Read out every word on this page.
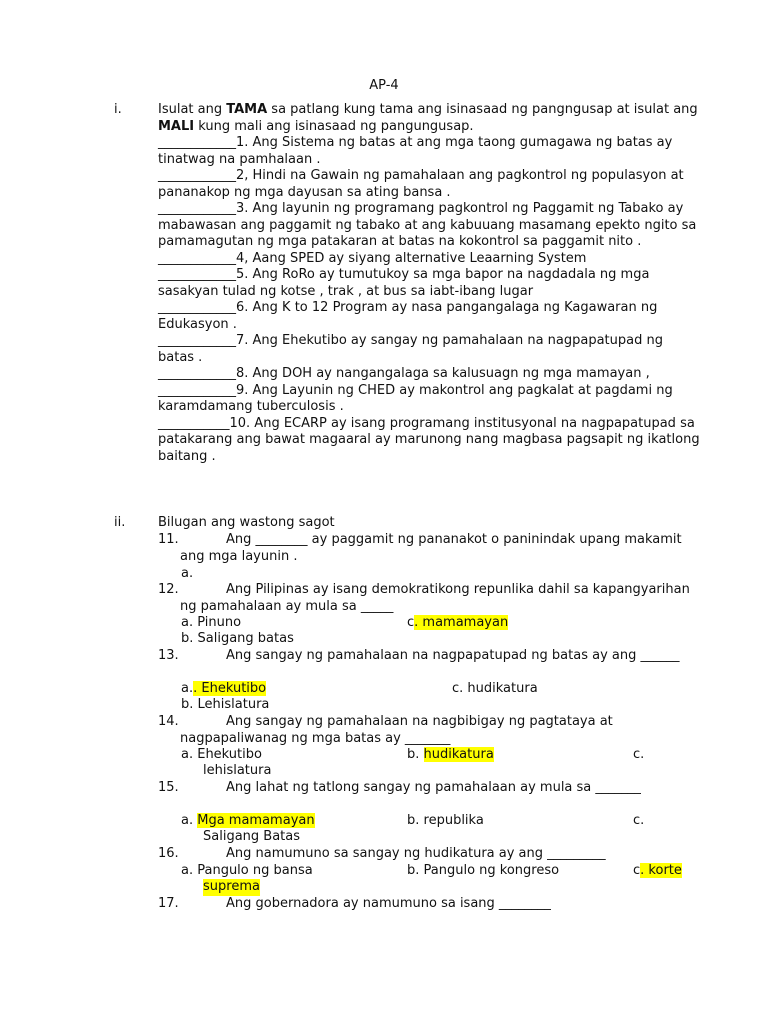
AP-4
i.	Isulat ang TAMA sa patlang kung tama ang isinasaad ng pangngusap at isulat ang MALI kung mali ang isinasaad ng pangungusap.

____________1. Ang Sistema ng batas at ang mga taong gumagawa ng batas ay tinatwag na pamhalaan .

____________2, Hindi na Gawain ng pamahalaan ang pagkontrol ng populasyon at pananakop ng mga dayusan sa ating bansa .

____________3. Ang layunin ng programang pagkontrol ng Paggamit ng Tabako ay mabawasan ang paggamit ng tabako at ang kabuuang masamang epekto ngito sa pamamagutan ng mga patakaran at batas na kokontrol sa paggamit nito .

____________4, Aang SPED ay siyang alternative Leaarning System

____________5. Ang RoRo ay tumutukoy sa mga bapor na nagdadala ng mga sasakyan tulad ng kotse , trak , at bus sa iabt-ibang lugar

____________6. Ang K to 12 Program ay nasa pangangalaga ng Kagawaran ng Edukasyon .

____________7. Ang Ehekutibo ay sangay ng pamahalaan na nagpapatupad ng batas .

____________8. Ang DOH ay nangangalaga sa kalusuagn ng mga mamayan ,

____________9. Ang Layunin ng CHED ay makontrol ang pagkalat at pagdami ng karamdamang tuberculosis .

___________10. Ang ECARP ay isang programang institusyonal na nagpapatupad sa patakarang ang bawat magaaral ay marunong nang magbasa pagsapit ng ikatlong baitang .

ii.	Bilugan ang wastong sagot
11.	Ang ________ ay paggamit ng pananakot o paninindak upang makamit ang mga layunin .
a.
12.	Ang Pilipinas ay isang demokratikong repunlika dahil sa kapangyarihan ng pamahalaan ay mula sa _____
a. Pinuno	c. mamamayan
b. Saligang batas
13.	Ang sangay ng pamahalaan na nagpapatupad ng batas ay ang ______
a.. Ehekutibo	c. hudikatura
b. Lehislatura
14.	Ang sangay ng pamahalaan na nagbibigay ng pagtataya at nagpapaliwanag ng mga batas ay _______
a. Ehekutibo	b. hudikatura	c.
lehislatura
15.	Ang lahat ng tatlong sangay ng pamahalaan ay mula sa _______
a. Mga mamamayan	b. republika	c.
Saligang Batas
16.	Ang namumuno sa sangay ng hudikatura ay ang _________
a. Pangulo ng bansa	b. Pangulo ng kongreso	c. korte
suprema
17.	Ang gobernadora ay namumuno sa isang ________
